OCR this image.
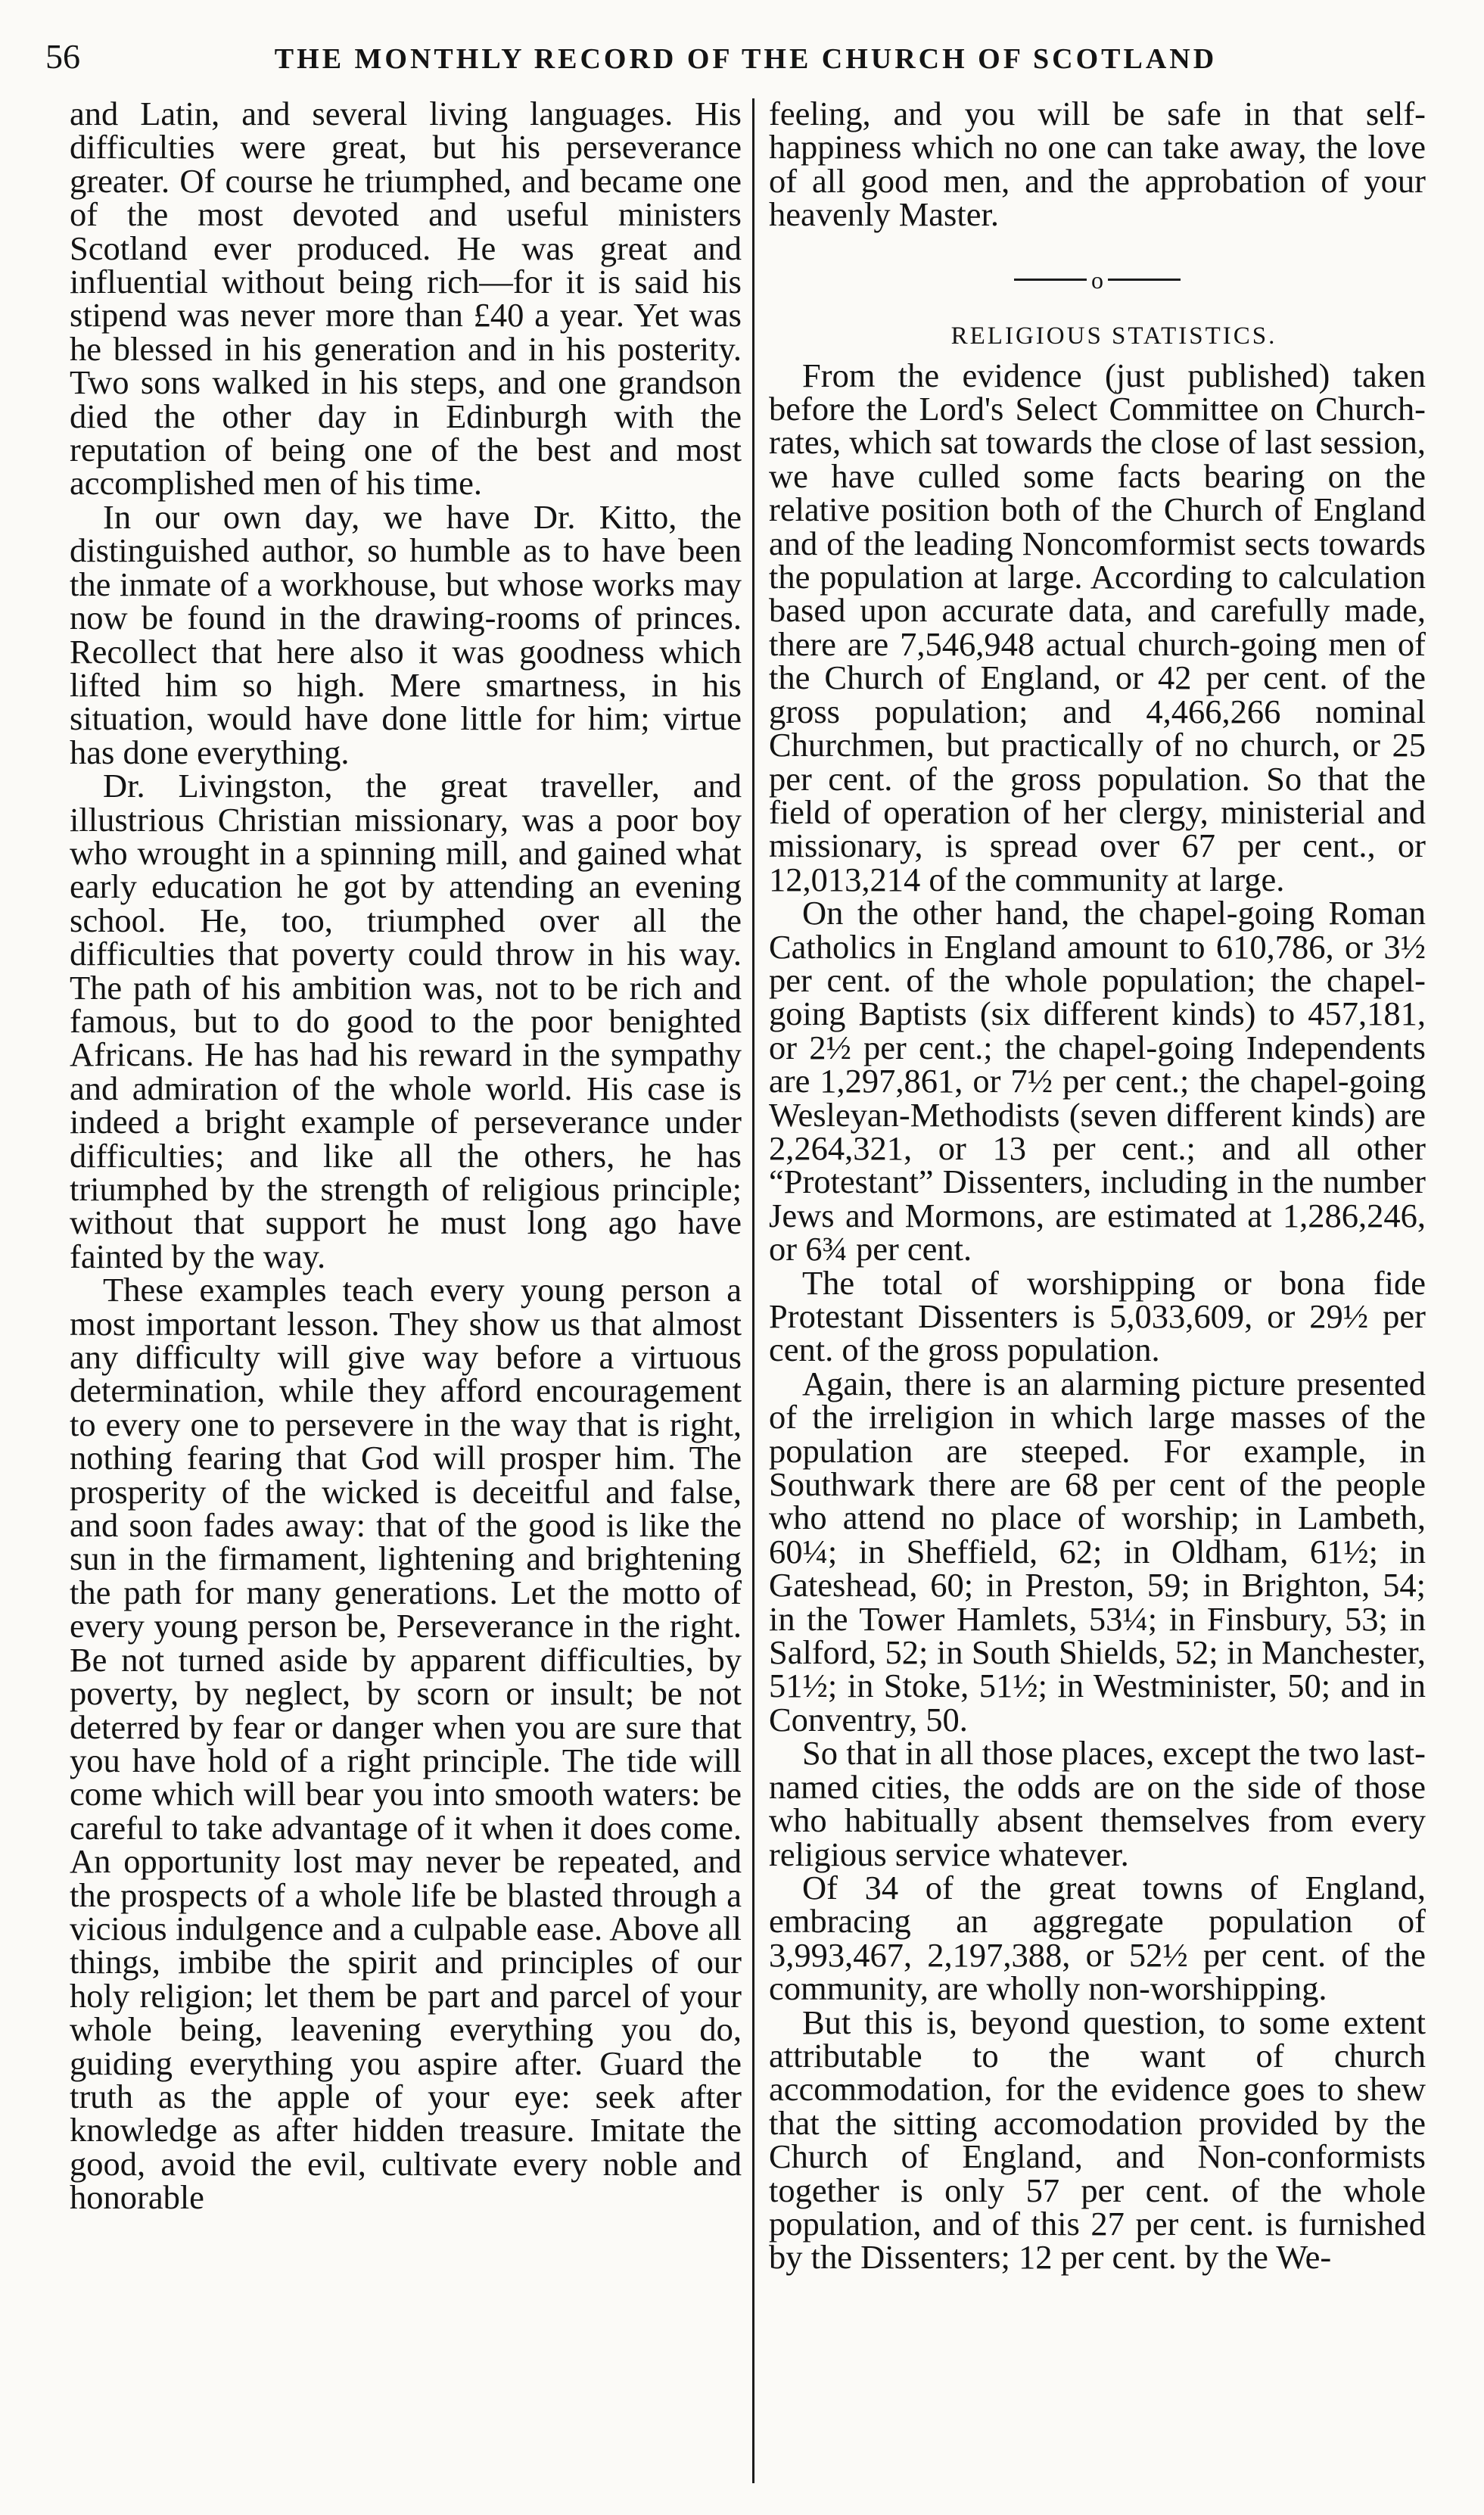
56	THE MONTHLY RECORD OF THE CHURCH OF SCOTLAND

and Latin, and several living languages. His difficulties were great, but his perseverance greater. Of course he triumphed, and became one of the most devoted and useful ministers Scotland ever produced. He was great and influential without being rich—for it is said his stipend was never more than £40 a year. Yet was he blessed in his generation and in his posterity. Two sons walked in his steps, and one grandson died the other day in Edinburgh with the reputation of being one of the best and most accomplished men of his time.

In our own day, we have Dr. Kitto, the distinguished author, so humble as to have been the inmate of a workhouse, but whose works may now be found in the drawing-rooms of princes. Recollect that here also it was goodness which lifted him so high. Mere smartness, in his situation, would have done little for him; virtue has done everything.

Dr. Livingston, the great traveller, and illustrious Christian missionary, was a poor boy who wrought in a spinning mill, and gained what early education he got by attending an evening school. He, too, triumphed over all the difficulties that poverty could throw in his way. The path of his ambition was, not to be rich and famous, but to do good to the poor benighted Africans. He has had his reward in the sympathy and admiration of the whole world. His case is indeed a bright example of perseverance under difficulties; and like all the others, he has triumphed by the strength of religious principle; without that support he must long ago have fainted by the way.

These examples teach every young person a most important lesson. They show us that almost any difficulty will give way before a virtuous determination, while they afford encouragement to every one to persevere in the way that is right, nothing fearing that God will prosper him. The prosperity of the wicked is deceitful and false, and soon fades away: that of the good is like the sun in the firmament, lightening and brightening the path for many generations. Let the motto of every young person be, Perseverance in the right. Be not turned aside by apparent difficulties, by poverty, by neglect, by scorn or insult; be not deterred by fear or danger when you are sure that you have hold of a right principle. The tide will come which will bear you into smooth waters: be careful to take advantage of it when it does come. An opportunity lost may never be repeated, and the prospects of a whole life be blasted through a vicious indulgence and a culpable ease. Above all things, imbibe the spirit and principles of our holy religion; let them be part and parcel of your whole being, leavening everything you do, guiding everything you aspire after. Guard the truth as the apple of your eye: seek after knowledge as after hidden treasure. Imitate the good, avoid the evil, cultivate every noble and honorable

feeling, and you will be safe in that self-happiness which no one can take away, the love of all good men, and the approbation of your heavenly Master.

o

RELIGIOUS STATISTICS.

From the evidence (just published) taken before the Lord's Select Committee on Church-rates, which sat towards the close of last session, we have culled some facts bearing on the relative position both of the Church of England and of the leading Noncomformist sects towards the population at large. According to calculation based upon accurate data, and carefully made, there are 7,546,948 actual church-going men of the Church of England, or 42 per cent. of the gross population; and 4,466,266 nominal Churchmen, but practically of no church, or 25 per cent. of the gross population. So that the field of operation of her clergy, ministerial and missionary, is spread over 67 per cent., or 12,013,214 of the community at large.

On the other hand, the chapel-going Roman Catholics in England amount to 610,786, or 3½ per cent. of the whole population; the chapel-going Baptists (six different kinds) to 457,181, or 2½ per cent.; the chapel-going Independents are 1,297,861, or 7½ per cent.; the chapel-going Wesleyan-Methodists (seven different kinds) are 2,264,321, or 13 per cent.; and all other “Protestant” Dissenters, including in the number Jews and Mormons, are estimated at 1,286,246, or 6¾ per cent.

The total of worshipping or bona fide Protestant Dissenters is 5,033,609, or 29½ per cent. of the gross population.

Again, there is an alarming picture presented of the irreligion in which large masses of the population are steeped. For example, in Southwark there are 68 per cent of the people who attend no place of worship; in Lambeth, 60¼; in Sheffield, 62; in Oldham, 61½; in Gateshead, 60; in Preston, 59; in Brighton, 54; in the Tower Hamlets, 53¼; in Finsbury, 53; in Salford, 52; in South Shields, 52; in Manchester, 51½; in Stoke, 51½; in Westminister, 50; and in Conventry, 50.

So that in all those places, except the two last-named cities, the odds are on the side of those who habitually absent themselves from every religious service whatever.

Of 34 of the great towns of England, embracing an aggregate population of 3,993,467, 2,197,388, or 52½ per cent. of the community, are wholly non-worshipping.

But this is, beyond question, to some extent attributable to the want of church accommodation, for the evidence goes to shew that the sitting accomodation provided by the Church of England, and Non-conformists together is only 57 per cent. of the whole population, and of this 27 per cent. is furnished by the Dissenters; 12 per cent. by the We-
